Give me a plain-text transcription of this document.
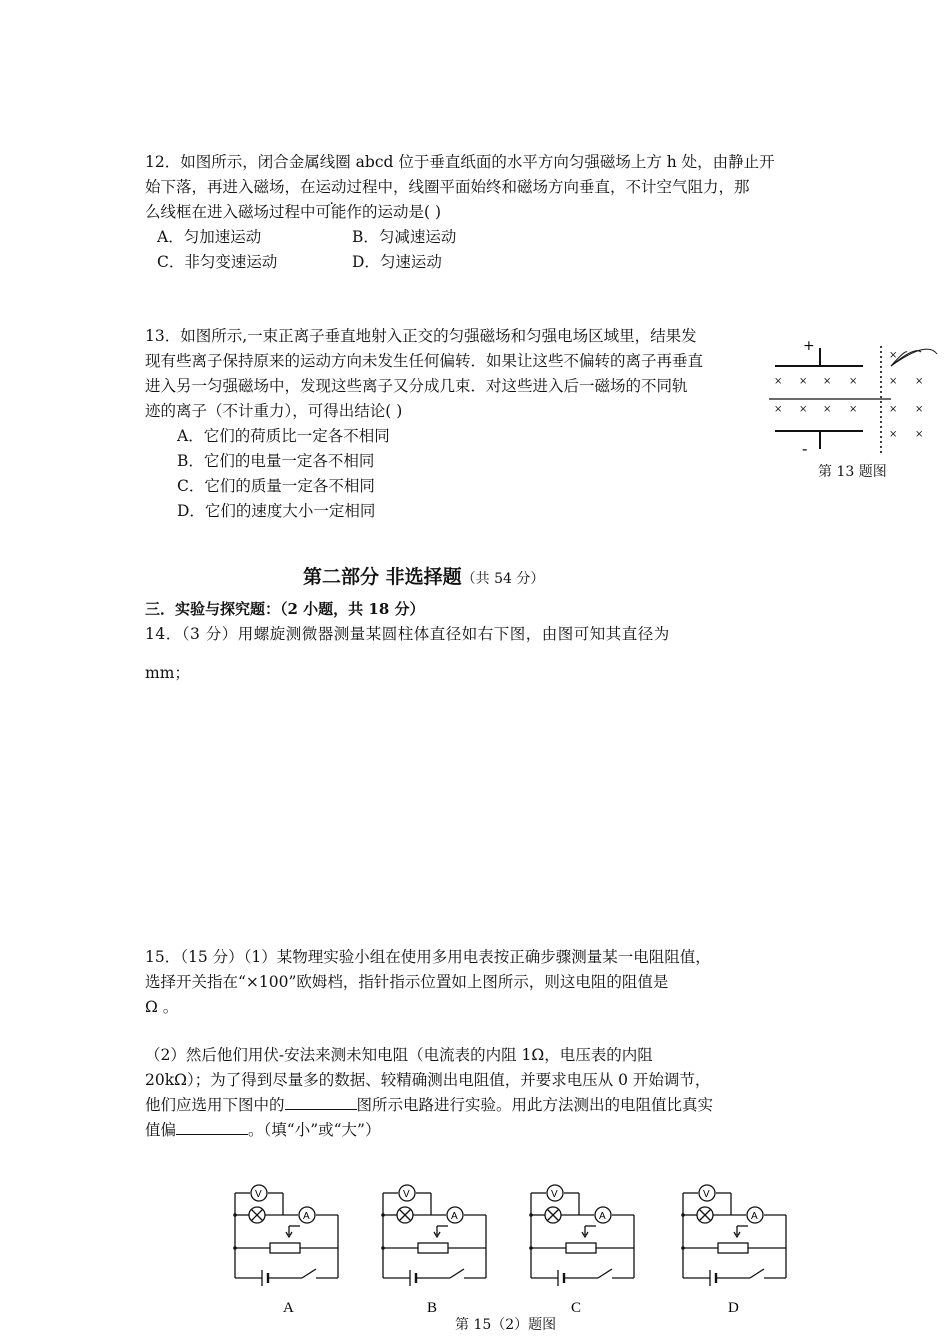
12．如图所示，闭合金属线圈 abcd 位于垂直纸面的水平方向匀强磁场上方 h 处，由静止开
始下落，再进入磁场，在运动过程中，线圈平面始终和磁场方向垂直，不计空气阻力，那
么线框在进入磁场过程中可能作的运动是( )
A．匀加速运动	B．匀减速运动
C．非匀变速运动	D．匀速运动
13．如图所示,一束正离子垂直地射入正交的匀强磁场和匀强电场区域里，结果发
现有些离子保持原来的运动方向未发生任何偏转．如果让这些不偏转的离子再垂直
进入另一匀强磁场中，发现这些离子又分成几束．对这些进入后一磁场的不同轨
迹的离子（不计重力），可得出结论( )
A．它们的荷质比一定各不相同
B．它们的电量一定各不相同
C．它们的质量一定各不相同
D．它们的速度大小一定相同
+
-
× × × ×
× × × ×
×
× ×
× ×
× ×
第 13 题图
第二部分 非选择题（共 54 分）
三．实验与探究题：（2 小题，共 18 分）
14．（3 分）用螺旋测微器测量某圆柱体直径如右下图，由图可知其直径为
mm；
15．（15 分）（1）某物理实验小组在使用多用电表按正确步骤测量某一电阻阻值，
选择开关指在“×100”欧姆档，指针指示位置如上图所示，则这电阻的阻值是
Ω 。
（2）然后他们用伏-安法来测未知电阻（电流表的内阻 1Ω，电压表的内阻
20kΩ）；为了得到尽量多的数据、较精确测出电阻值，并要求电压从 0 开始调节，
他们应选用下图中的	图所示电路进行实验。用此方法测出的电阻值比真实
值偏	。（填“小”或“大”）
V
A
V
A
V
A
V
A
A	B	C	D
第 15（2）题图
